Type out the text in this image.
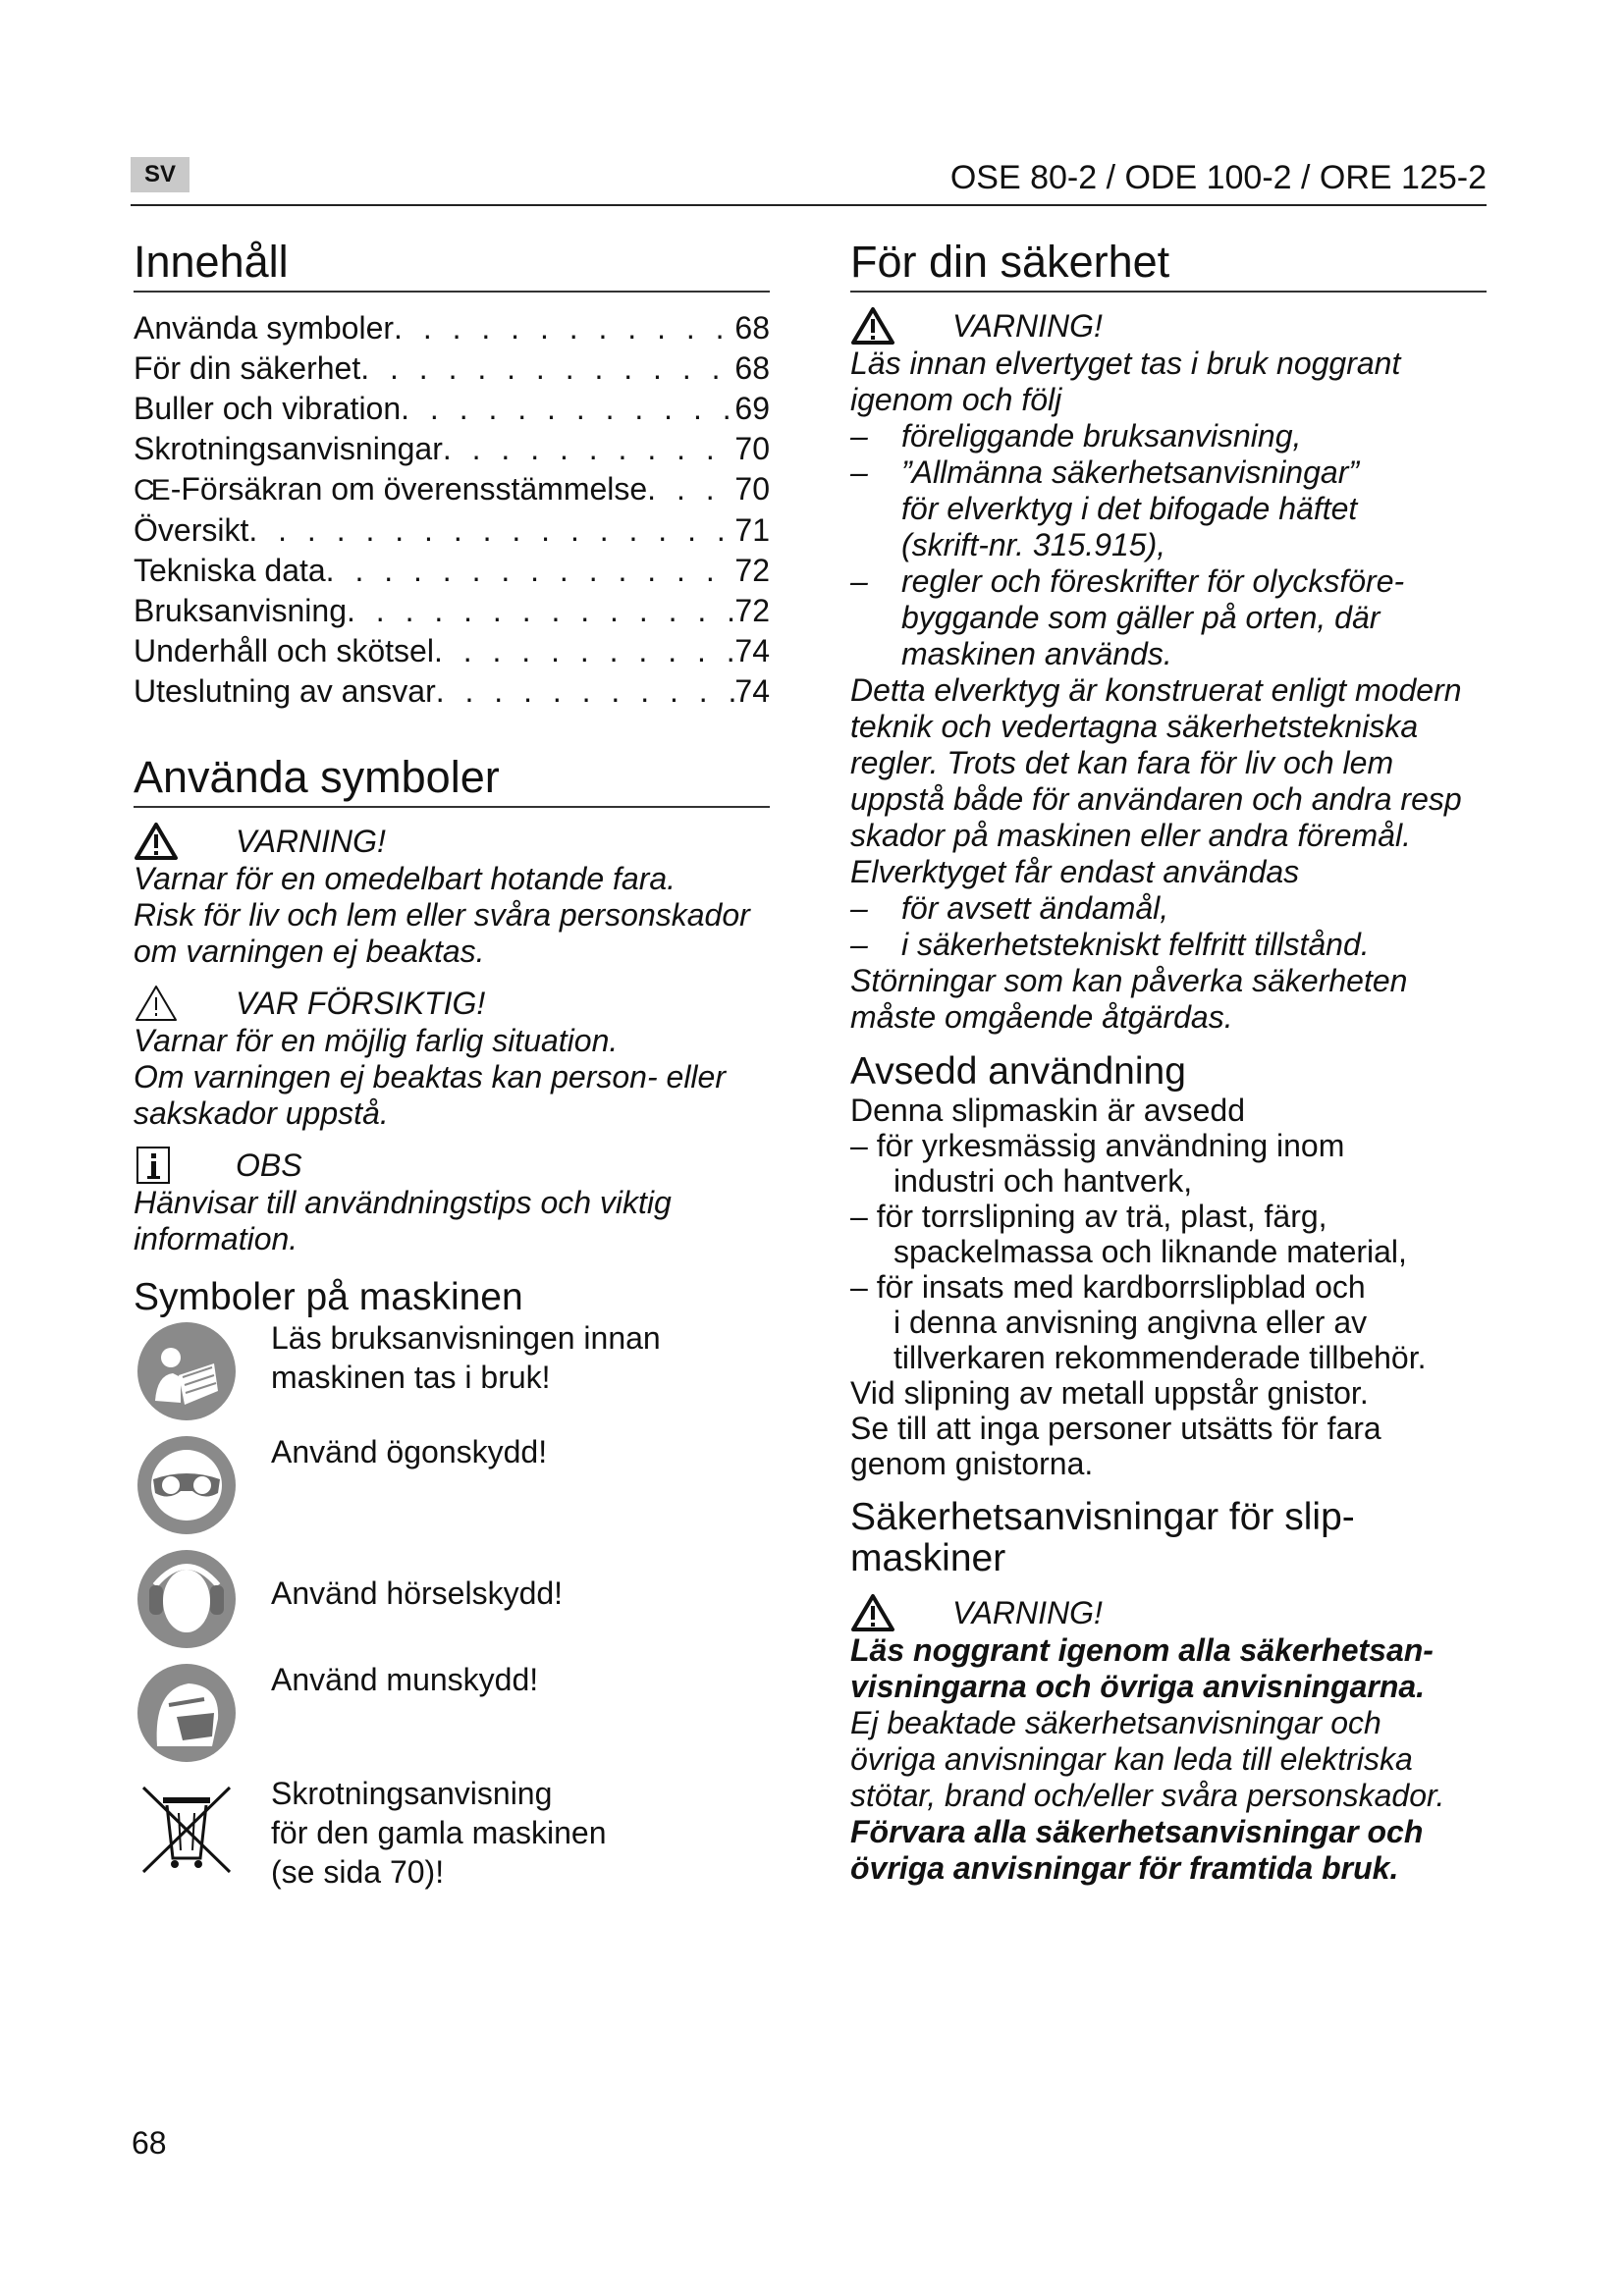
SV	OSE 80-2 / ODE 100-2 / ORE 125-2
Innehåll
Använda symboler . . .	68
För din säkerhet . . .	68
Buller och vibration . . .	69
Skrotningsanvisningar . . .	70
CE -Försäkran om överensstämmelse . . .	70
Översikt . . .	71
Tekniska data . . .	72
Bruksanvisning . . .	72
Underhåll och skötsel . . .	74
Uteslutning av ansvar . . .	74
Använda symboler
VARNING!
Varnar för en omedelbart hotande fara.
Risk för liv och lem eller svåra personskador
om varningen ej beaktas.
VAR FÖRSIKTIG!
Varnar för en möjlig farlig situation.
Om varningen ej beaktas kan person- eller
sakskador uppstå.
OBS
Hänvisar till användningstips och viktig
information.
Symboler på maskinen
Läs bruksanvisningen innan
maskinen tas i bruk!
Använd ögonskydd!
Använd hörselskydd!
Använd munskydd!
Skrotningsanvisning
för den gamla maskinen
(se sida 70)!
För din säkerhet
VARNING!
Läs innan elvertyget tas i bruk noggrant
igenom och följ
–	föreliggande bruksanvisning,
–	”Allmänna säkerhetsanvisningar”
för elverktyg i det bifogade häftet
(skrift-nr. 315.915),
–	regler och föreskrifter för olycksföre-
byggande som gäller på orten, där
maskinen används.
Detta elverktyg är konstruerat enligt modern
teknik och vedertagna säkerhetstekniska
regler. Trots det kan fara för liv och lem
uppstå både för användaren och andra resp
skador på maskinen eller andra föremål.
Elverktyget får endast användas
–	för avsett ändamål,
–	i säkerhetstekniskt felfritt tillstånd.
Störningar som kan påverka säkerheten
måste omgående åtgärdas.
Avsedd användning
Denna slipmaskin är avsedd
– för yrkesmässig användning inom
industri och hantverk,
– för torrslipning av trä, plast, färg,
spackelmassa och liknande material,
– för insats med kardborrslipblad och
i denna anvisning angivna eller av
tillverkaren rekommenderade tillbehör.
Vid slipning av metall uppstår gnistor.
Se till att inga personer utsätts för fara
genom gnistorna.
Säkerhetsanvisningar för slip-
maskiner
VARNING!
Läs noggrant igenom alla säkerhetsan-
visningarna och övriga anvisningarna.
Ej beaktade säkerhetsanvisningar och
övriga anvisningar kan leda till elektriska
stötar, brand och/eller svåra personskador.
Förvara alla säkerhetsanvisningar och
övriga anvisningar för framtida bruk.
68
